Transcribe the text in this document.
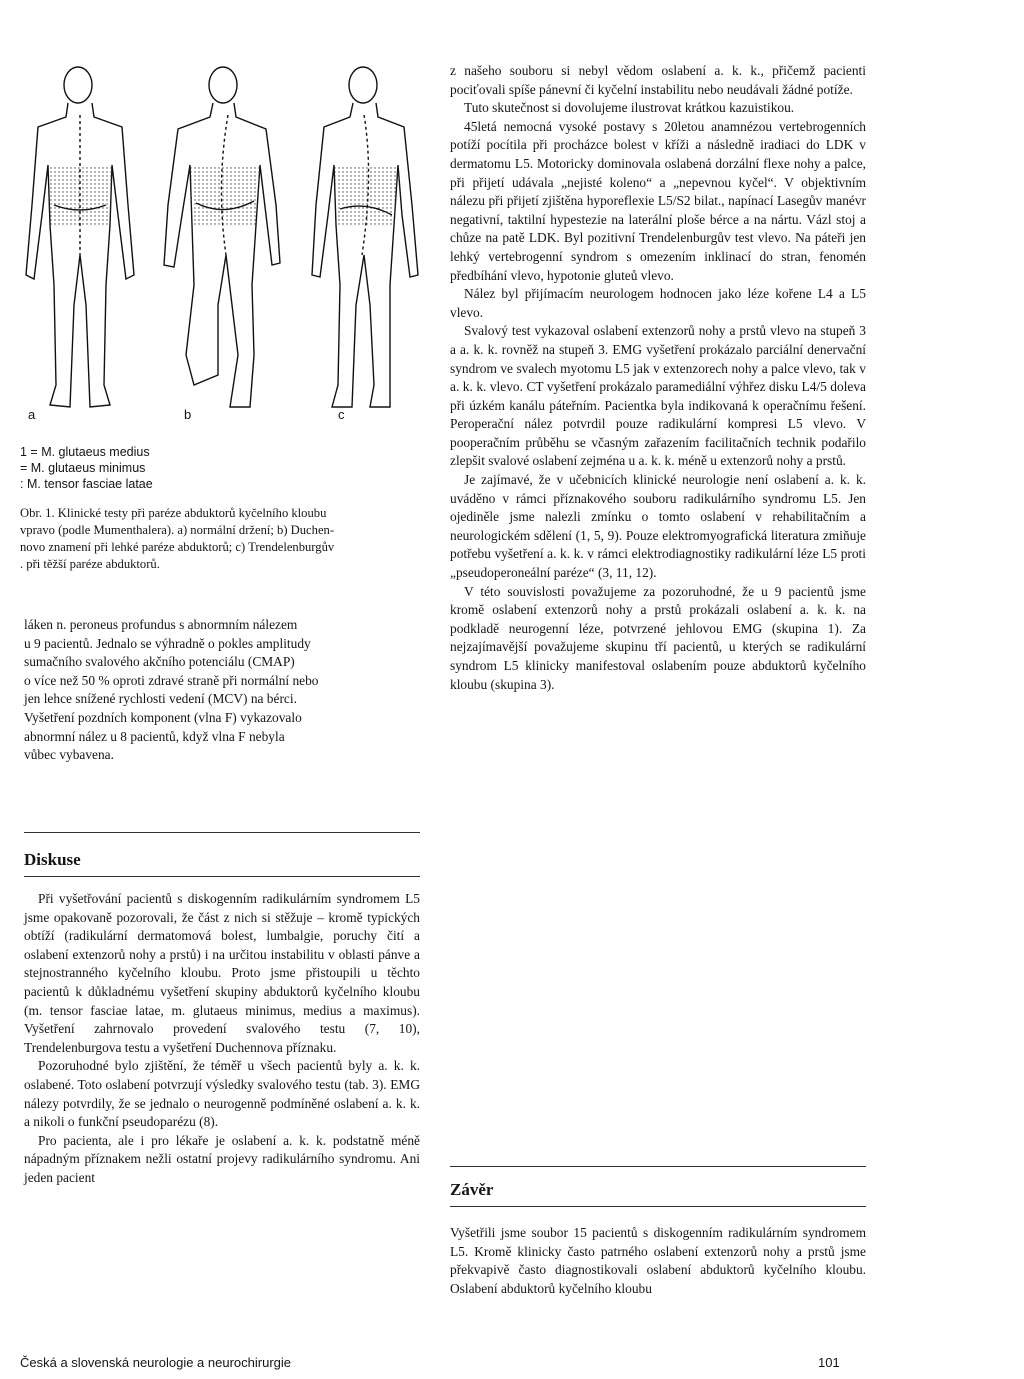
a	b	c
1 = M. glutaeus medius
= M. glutaeus minimus
: M. tensor fasciae latae

Obr. 1. Klinické testy při paréze abduktorů kyčelního kloubu

vpravo (podle Mumenthalera). a) normální držení; b) Duchen-

novo znamení při lehké paréze abduktorů; c) Trendelenburgův

. při těžší paréze abduktorů.

láken n. peroneus profundus s abnormním nálezem

u 9 pacientů. Jednalo se výhradně o pokles amplitudy

sumačního svalového akčního potenciálu (CMAP)

o více než 50 % oproti zdravé straně při normální nebo

jen lehce snížené rychlosti vedení (MCV) na bérci.

Vyšetření pozdních komponent (vlna F) vykazovalo

abnormní nález u 8 pacientů, když vlna F nebyla

vůbec vybavena.

Diskuse

Při vyšetřování pacientů s diskogenním radikulárním syndromem L5 jsme opakovaně pozorovali, že část z nich si stěžuje – kromě typických obtíží (radikulární dermatomová bolest, lumbalgie, poruchy čití a oslabení extenzorů nohy a prstů) i na určitou instabilitu v oblasti pánve a stejnostranného kyčelního kloubu. Proto jsme přistoupili u těchto pacientů k důkladnému vyšetření skupiny abduktorů kyčelního kloubu (m. tensor fasciae latae, m. glutaeus minimus, medius a maximus). Vyšetření zahrnovalo provedení svalového testu (7, 10), Trendelenburgova testu a vyšetření Duchennova příznaku.

Pozoruhodné bylo zjištění, že téměř u všech pacientů byly a. k. k. oslabené. Toto oslabení potvrzují výsledky svalového testu (tab. 3). EMG nálezy potvrdily, že se jednalo o neurogenně podmíněné oslabení a. k. k. a nikoli o funkční pseudoparézu (8).

Pro pacienta, ale i pro lékaře je oslabení a. k. k. podstatně méně nápadným příznakem nežli ostatní projevy radikulárního syndromu. Ani jeden pacient

z našeho souboru si nebyl vědom oslabení a. k. k., přičemž pacienti pociťovali spíše pánevní či kyčelní instabilitu nebo neudávali žádné potíže.

Tuto skutečnost si dovolujeme ilustrovat krátkou kazuistikou.

45letá nemocná vysoké postavy s 20letou anamnézou vertebrogenních potíží pocítila při procházce bolest v kříži a následně iradiaci do LDK v dermatomu L5. Motoricky dominovala oslabená dorzální flexe nohy a palce, při přijetí udávala „nejisté koleno“ a „nepevnou kyčel“. V objektivním nálezu při přijetí zjištěna hyporeflexie L5/S2 bilat., napínací Lasegův manévr negativní, taktilní hypestezie na laterální ploše bérce a na nártu. Vázl stoj a chůze na patě LDK. Byl pozitivní Trendelenburgův test vlevo. Na páteři jen lehký vertebrogenní syndrom s omezením inklinací do stran, fenomén předbíhání vlevo, hypotonie gluteů vlevo.

Nález byl přijímacím neurologem hodnocen jako léze kořene L4 a L5 vlevo.

Svalový test vykazoval oslabení extenzorů nohy a prstů vlevo na stupeň 3 a a. k. k. rovněž na stupeň 3. EMG vyšetření prokázalo parciální denervační syndrom ve svalech myotomu L5 jak v extenzorech nohy a palce vlevo, tak v a. k. k. vlevo. CT vyšetření prokázalo paramediální výhřez disku L4/5 doleva při úzkém kanálu páteřním. Pacientka byla indikovaná k operačnímu řešení. Peroperační nález potvrdil pouze radikulární kompresi L5 vlevo. V pooperačním průběhu se včasným zařazením facilitačních technik podařilo zlepšit svalové oslabení zejména u a. k. k. méně u extenzorů nohy a prstů.

Je zajímavé, že v učebnicích klinické neurologie není oslabení a. k. k. uváděno v rámci příznakového souboru radikulárního syndromu L5. Jen ojediněle jsme nalezli zmínku o tomto oslabení v rehabilitačním a neurologickém sdělení (1, 5, 9). Pouze elektromyografická literatura zmiňuje potřebu vyšetření a. k. k. v rámci elektrodiagnostiky radikulární léze L5 proti „pseudoperoneální paréze“ (3, 11, 12).

V této souvislosti považujeme za pozoruhodné, že u 9 pacientů jsme kromě oslabení extenzorů nohy a prstů prokázali oslabení a. k. k. na podkladě neurogenní léze, potvrzené jehlovou EMG (skupina 1). Za nejzajímavější považujeme skupinu tří pacientů, u kterých se radikulární syndrom L5 klinicky manifestoval oslabením pouze abduktorů kyčelního kloubu (skupina 3).

Závěr

Vyšetřili jsme soubor 15 pacientů s diskogenním radikulárním syndromem L5. Kromě klinicky často patrného oslabení extenzorů nohy a prstů jsme překvapivě často diagnostikovali oslabení abduktorů kyčelního kloubu. Oslabení abduktorů kyčelního kloubu

Česká a slovenská neurologie a neurochirurgie	101
